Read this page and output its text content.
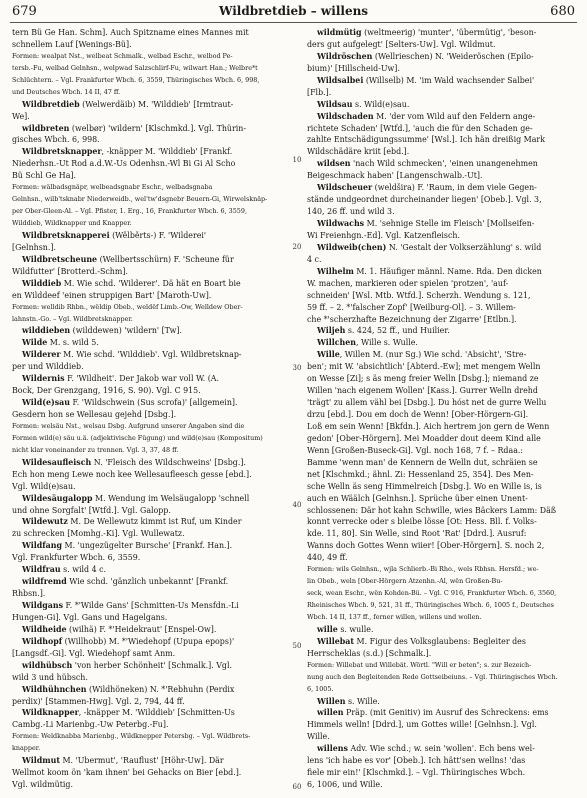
679	Wildbretdieb – willens	680
tern Bü Ge Han. Schm]. Auch Spitzname eines Mannes mit
schnellem Lauf [Wenings-Bü].
Formen: wealpat Nst., welbeat Schmalk., welbad Eschr., welbod Pe-
tersb.-Fu, welbad Gelnhsn., welpwad Salzschlirf-Fu, wilwart Han.; Welbre*t
Schlüchtern. – Vgl. Frankfurter Wbch. 6, 3559, Thüringisches Wbch. 6, 998,
und Deutsches Wbch. 14 II, 47 ff.
Wildbretdieb (Welwerdäib) M. 'Wilddieb' [Irmtraut-
We].
wildbreten (welbør) 'wildern' [Klschmkd.]. Vgl. Thürin-
gisches Wbch. 6, 998.
Wildbretsknapper, -knäpper M. 'Wilddieb' [Frankf.
Niederhsn.-Ut Rod a.d.W.-Us Odenhsn.-Wl Bi Gi Al Scho
Bü Schl Ge Ha].
Formen: wälbadsgnäpr, welbeadsgnabr Eschr., welbadsgnaba
Gelnhsn., wilb'tsknabr Niederweidb., wel'tw'dsgnebr Beuern-Gi, Wirwelsknäp-
per Ober-Gleen-Al. – Vgl. Pfister, 1. Erg., 16, Frankfurter Wbch. 6, 3559,
Wilddieb, Wildknapper und Knapper.
Wildbretsknapperei (Wělběrts-) F. 'Wilderei'
[Gelnhsn.].
Wildbretscheune (Wellbertsschürn) F. 'Scheune für
Wildfutter' [Brotterd.-Schm].
Wilddieb M. Wie schd. 'Wilderer'. Dä hät en Boart bie
en Wilddeef 'einen struppigen Bart' [Maroth-Uw].
Formen: welldib Rhbn., wëldip Obeb., weldëf Limb.-Ow, Welldew Ober-
lahnstn.-Go. – Vgl. Wildbretsknapper.
wilddieben (wilddewen) 'wildern' [Tw].
Wilde M. s. wild 5.
Wilderer M. Wie schd. 'Wilddieb'. Vgl. Wildbretsknap-
per und Wilddieb.
Wildernis F. 'Wildheit'. Der Jakob war voll W. (A.
Bock, Der Grenzgang, 1916, S. 90). Vgl. C 915.
Wild(e)sau F. 'Wildschwein (Sus scrofa)' [allgemein].
Gesdern hon se Wellesau gejehd [Dsbg.].
Formen: welsäu Nst., welsau Dsbg. Aufgrund unserer Angaben sind die
Formen wild(e) säu u.ä. (adjektivische Fügung) und wild(e)sau (Kompositum)
nicht klar voneinander zu trennen. Vgl. 3, 37, 48 ff.
Wildesaufleisch N. 'Fleisch des Wildschweins' [Dsbg.].
Ech hon meng Lewe noch kee Wellesaufleesch gesse [ebd.].
Vgl. Wild(e)sau.
Wildesäugalopp M. Wendung im Welsäugalopp 'schnell
und ohne Sorgfalt' [Wtfd.]. Vgl. Galopp.
Wildewutz M. De Wellewutz kimmt ist Ruf, um Kinder
zu schrecken [Momhg.-Ki]. Vgl. Wullewatz.
Wildfang M. 'ungezügelter Bursche' [Frankf. Han.].
Vgl. Frankfurter Wbch. 6, 3559.
Wildfrau s. wild 4 c.
wildfremd Wie schd. 'gänzlich unbekannt' [Frankf.
Rhbsn.].
Wildgans F. *'Wilde Gans' [Schmitten-Us Mensfdn.-Li
Hungen-Gi]. Vgl. Gans und Hagelgans.
Wildheide (wilhä) F. *'Heidekraut' [Enspel-Ow].
Wildhopf (Willhobb) M. *'Wiedehopf (Upupa epops)'
[Langsdf.-Gi]. Vgl. Wiedehopf samt Anm.
wildhübsch 'von herber Schönheit' [Schmalk.]. Vgl.
wild 3 und hübsch.
Wildhühnchen (Wildhöneken) N. *'Rebhuhn (Perdix
perdix)' [Stammen-Hwg]. Vgl. 2, 794, 44 ff.
Wildknapper, -knäpper M. 'Wilddieb' [Schmitten-Us
Cambg.-Li Marienbg.-Uw Peterbg.-Fu].
Formen: Weldknabba Marienbg., Wildknepper Petersbg. – Vgl. Wildbrets-
knapper.
Wildmut M. 'Übermut', 'Rauflust' [Höhr-Uw]. Där
Wellmot koom ön 'kam ihnen' bei Gehacks on Bier [ebd.].
Vgl. wildmütig.
wildmütig (weltmeerig) 'munter', 'übermütig', 'beson-
ders gut aufgelegt' [Selters-Uw]. Vgl. Wildmut.
Wildröschen (Wellrieschen) N. 'Weideröschen (Epilo-
bium)' [Hillscheid-Uw].
Wildsalbei (Willselb) M. 'im Wald wachsender Salbei'
[Flb.].
Wildsau s. Wild(e)sau.
Wildschaden M. 'der vom Wild auf den Feldern ange-
richtete Schaden' [Wtfd.], 'auch die für den Schaden ge-
zahlte Entschädigungssumme' [Wsl.]. Ich hän dreißig Mark
Wildschädäre kriit [ebd.].
wildsen 'nach Wild schmecken', 'einen unangenehmen
Beigeschmack haben' [Langenschwalb.-Ut].
Wildscheuer (weldšira) F. 'Raum, in dem viele Gegen-
stände undgeordnet durcheinander liegen' [Obeb.]. Vgl. 3,
140, 26 ff. und wild 3.
Wildwachs M. 'sehnige Stelle im Fleisch' [Mollseifen-
Wi Freienhgn.-Ed]. Vgl. Katzenfleisch.
Wildweib(chen) N. 'Gestalt der Volkserzählung' s. wild
4 c.
Wilhelm M. 1. Häufiger männl. Name. Rda. Den dicken
W. machen, markieren oder spielen 'protzen', 'auf-
schneiden' [Wsl. Mtb. Wtfd.]. Scherzh. Wendung s. 121,
59 ff. – 2. *'falscher Zopf' [Weilburg-Ol]. – 3. Willem-
che *'scherzhafte Bezeichnung der Zigarre' [Etlbn.].
Wiljeh s. 424, 52 ff., und Huilier.
Willchen, Wille s. Wulle.
Wille, Willen M. (nur Sg.) Wie schd. 'Absicht', 'Stre-
ben'; mit W. 'absichtlich' [Abterd.-Ew]; met mengem Welln
on Wesse [Zi]; s äs meng freier Welln [Dsbg.]; niemand ze
Willen 'nach eigenem Wollen' [Kass.]. Gurrer Welln drehd
'trägt' zu allem vähl bei [Dsbg.]. Du hóst net de gurre Wellu
drzu [ebd.]. Dou em doch de Wenn! [Ober-Hörgern-Gi].
Loß em sein Wenn! [Bkfdn.]. Aich hertrem jon gern de Wenn
gedon' [Ober-Hörgern]. Mei Moadder dout deem Kind alle
Wenn [Großen-Buseck-Gi]. Vgl. noch 168, 7 f. – Rdaa.:
Bamme 'wenn man' de Kennern de Welln dut, schräien se
net [Klschmkd.; ähnl. Zi: Hessenland 25, 354]. Des Men-
sche Welln äs seng Himmelreich [Dsbg.]. Wo en Wille is, is
auch en Wäälch [Gelnhsn.]. Sprüche über einen Unent-
schlossenen: Där hot kahn Schwille, wies Bäckers Lamm: Däß
konnt verrecke oder s bleibe lösse [Ot: Hess. Bll. f. Volks-
kde. 11, 80]. Sin Welle, sind Root 'Rat' [Ddrd.]. Ausruf:
Wanns doch Gottes Wenn wiier! [Ober-Hörgern]. S. noch 2,
440, 49 ff.
Formen: wils Gelnhsn., wjla Schlierb.-Bi Rho., wels Rbhsn. Hersfd.; we-
lin Obeb., weln [Ober-Hörgern Atzenhn.-Al, wën Großen-Bu-
seck, wean Eschr., wën Kohden-Bü. – Vgl. C 916, Frankfurter Wbch. 6, 3560,
Rheinisches Wbch. 9, 521, 31 ff., Thüringisches Wbch. 6, 1005 f., Deutsches
Wbch. 14 II, 137 ff., ferner willen, willens und wollen.
wille s. wulle.
Willebat M. Figur des Volksglaubens: Begleiter des
Herrscheklas (s.d.) [Schmalk.].
Formen: Willebat und Willebät. Wörtl. "Will er beten"; s. zur Bezeich-
nung auch den Begleitenden Rede Gottseibeiuns. – Vgl. Thüringisches Wbch.
6, 1005.
Willen s. Wille.
willen Präp. (mit Genitiv) im Ausruf des Schreckens: ems
Himmels welln! [Ddrd.], um Gottes wille! [Gelnhsn.]. Vgl.
Wille.
willens Adv. Wie schd.; w. sein 'wollen'. Ech bens wel-
lens 'ich habe es vor' [Obeb.]. Ich hätt'sen wellns! 'das
fiele mir ein!' [Klschmkd.]. – Vgl. Thüringisches Wbch.
6, 1006, und Wille.
10
20
30
40
50
60
